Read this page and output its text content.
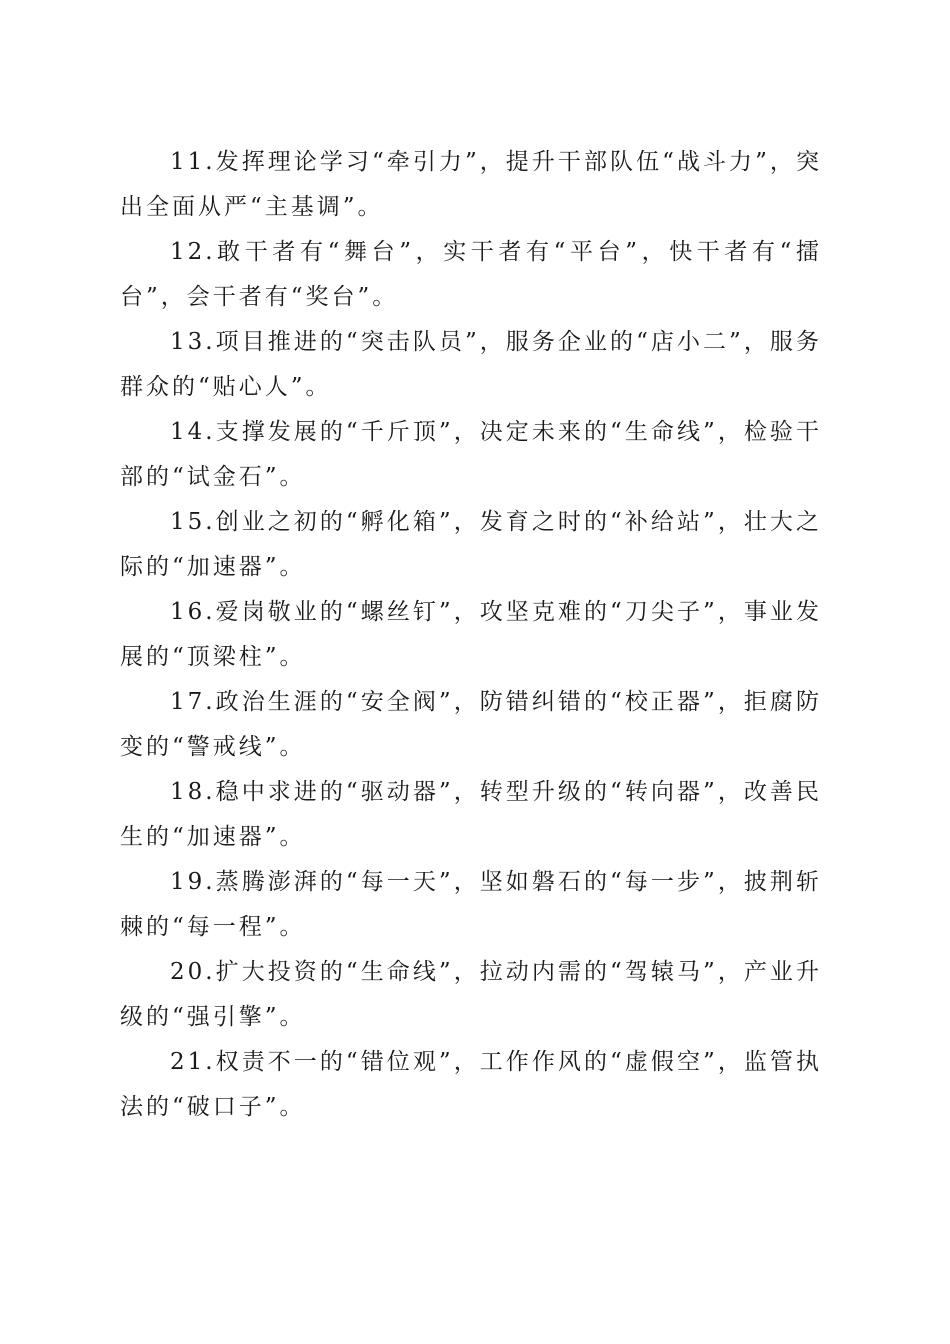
11.发挥理论学习“牵引力”，提升干部队伍“战斗力”，突出全面从严“主基调”。

12.敢干者有“舞台”，实干者有“平台”，快干者有“擂台”，会干者有“奖台”。

13.项目推进的“突击队员”，服务企业的“店小二”，服务群众的“贴心人”。

14.支撑发展的“千斤顶”，决定未来的“生命线”，检验干部的“试金石”。

15.创业之初的“孵化箱”，发育之时的“补给站”，壮大之际的“加速器”。

16.爱岗敬业的“螺丝钉”，攻坚克难的“刀尖子”，事业发展的“顶梁柱”。

17.政治生涯的“安全阀”，防错纠错的“校正器”，拒腐防变的“警戒线”。

18.稳中求进的“驱动器”，转型升级的“转向器”，改善民生的“加速器”。

19.蒸腾澎湃的“每一天”，坚如磐石的“每一步”，披荆斩棘的“每一程”。

20.扩大投资的“生命线”，拉动内需的“驾辕马”，产业升级的“强引擎”。

21.权责不一的“错位观”，工作作风的“虚假空”，监管执法的“破口子”。
